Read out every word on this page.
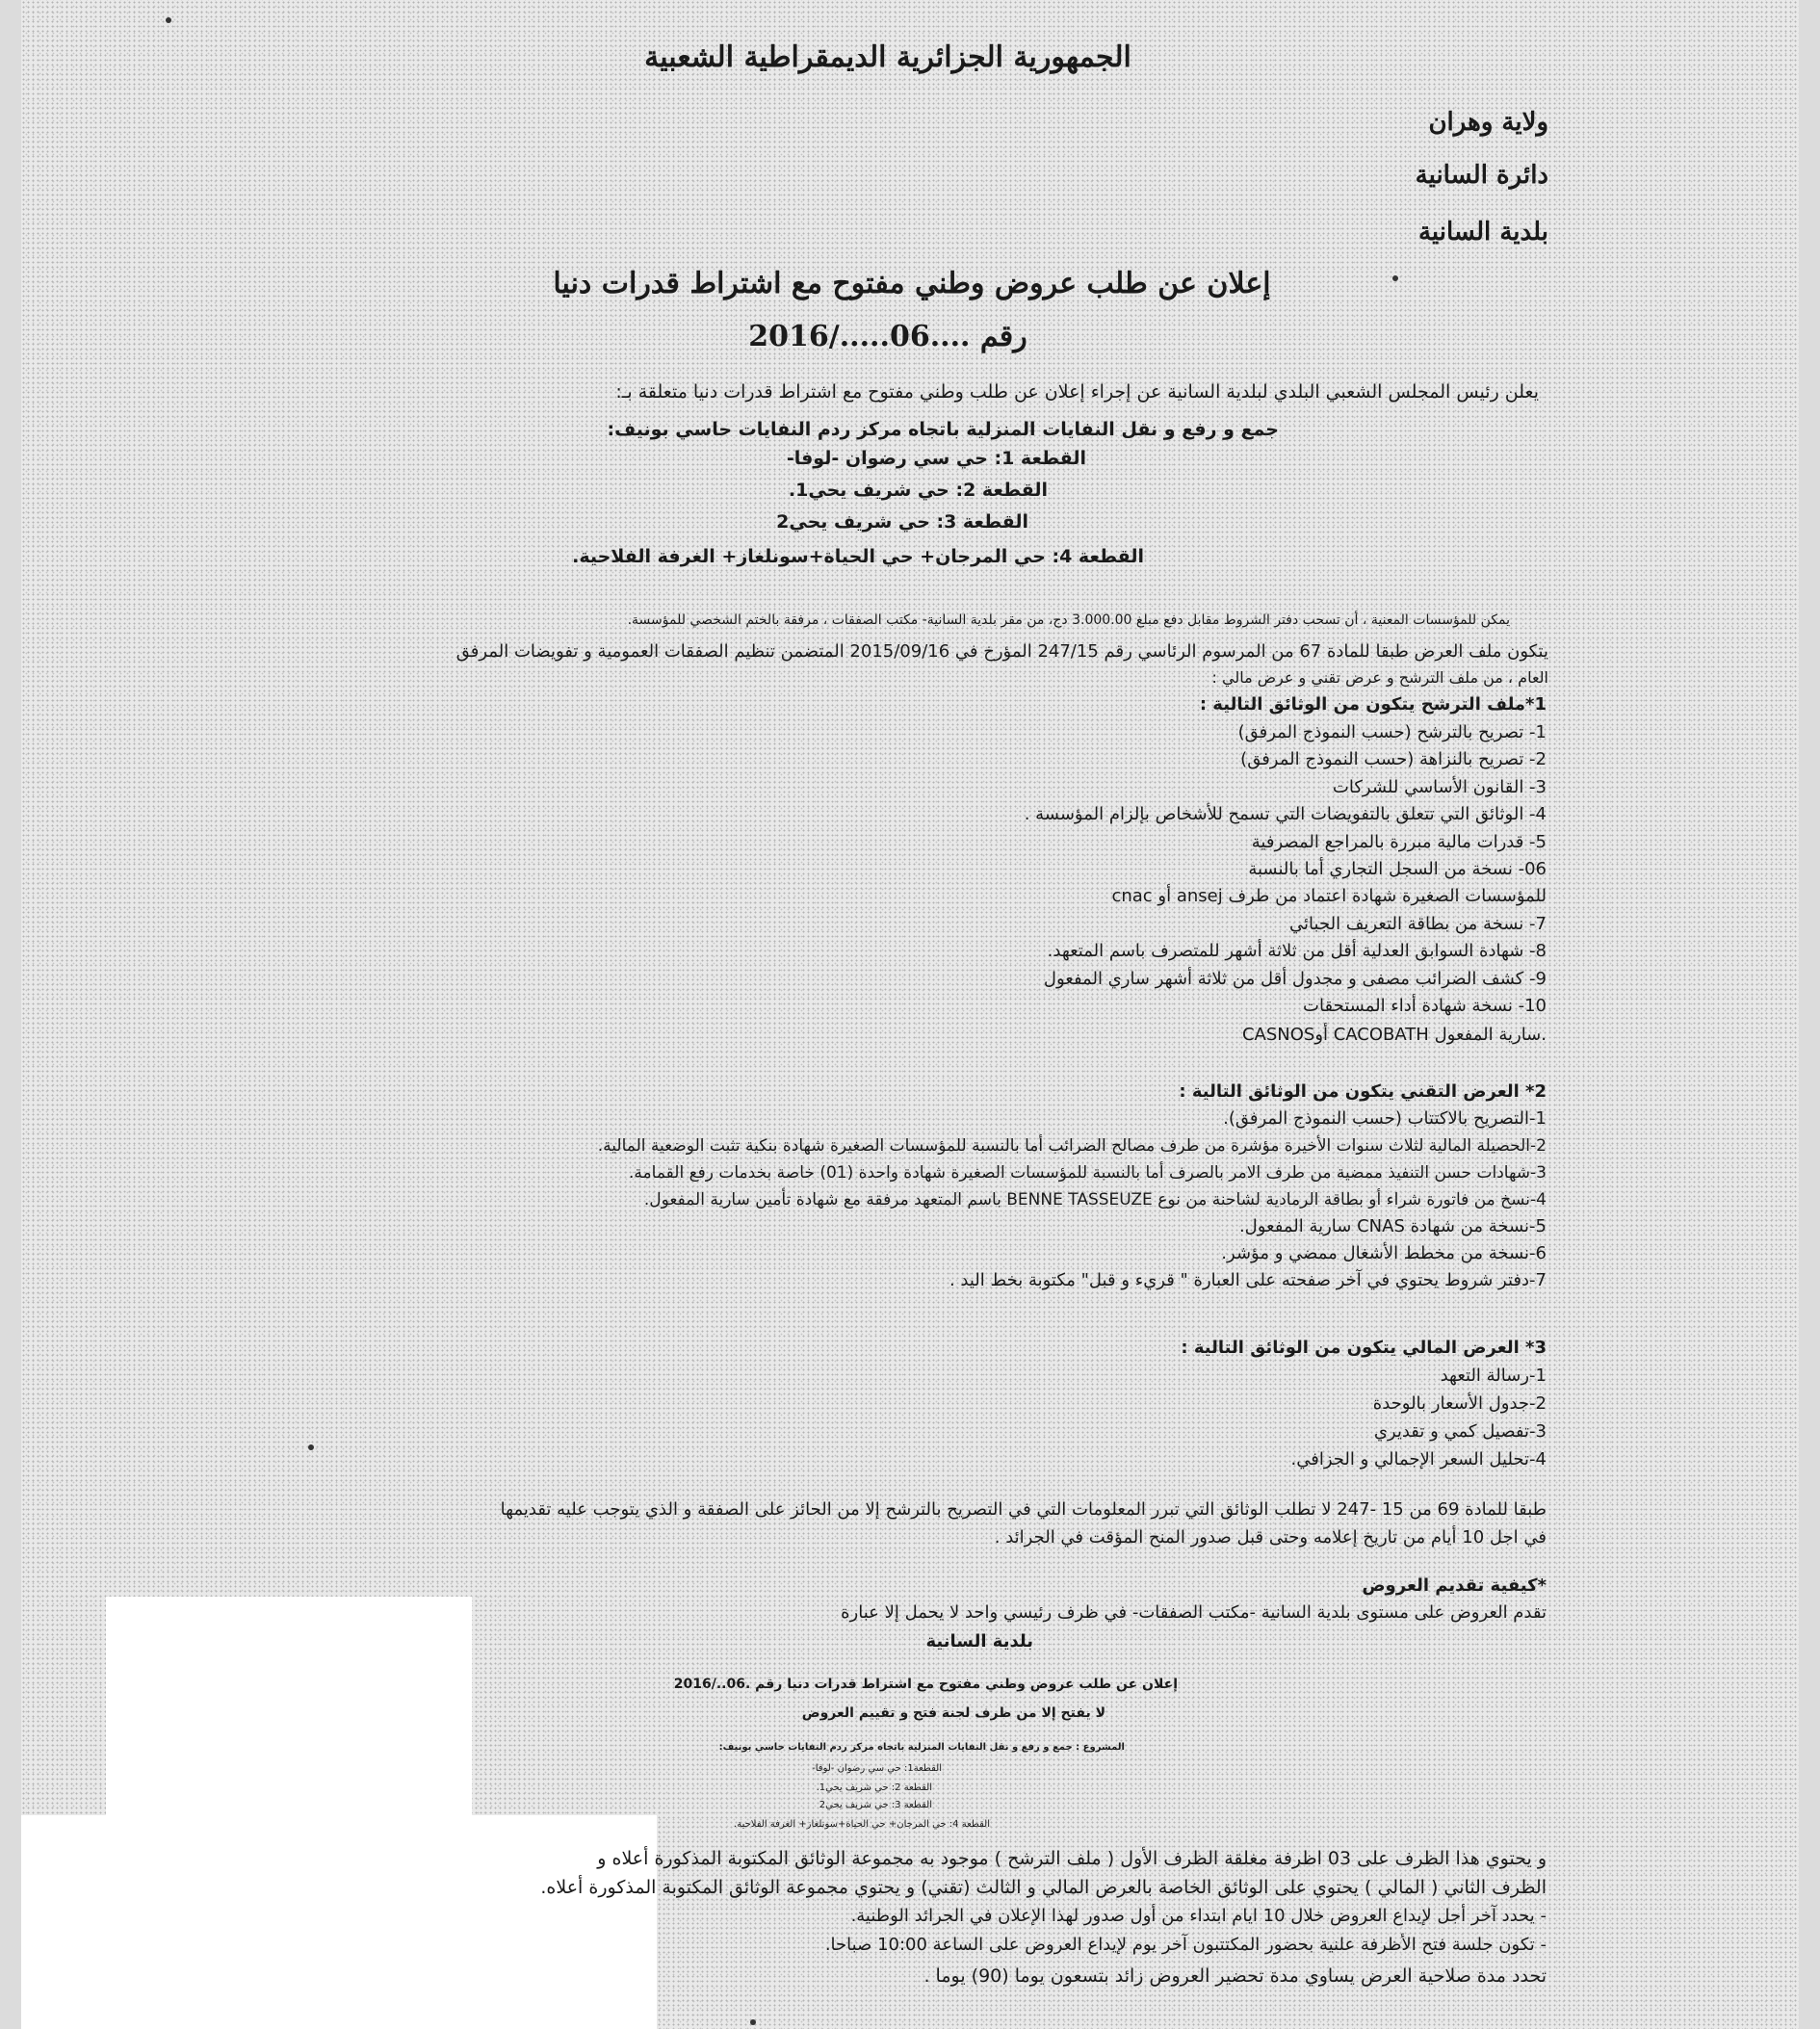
الجمهورية الجزائرية الديمقراطية الشعبية
ولاية وهران
دائرة السانية
بلدية السانية
إعلان عن طلب عروض وطني مفتوح مع اشتراط قدرات دنيا
رقم ....06...../2016
يعلن رئيس المجلس الشعبي البلدي لبلدية السانية عن إجراء إعلان عن طلب وطني مفتوح مع اشتراط قدرات دنيا متعلقة بـ:
جمع و رفع و نقل النفايات المنزلية باتجاه مركز ردم النفايات حاسي بونيف:
القطعة 1: حي سي رضوان -لوفا-
القطعة 2: حي شريف يحي1.
القطعة 3: حي شريف يحي2
القطعة 4: حي المرجان+ حي الحياة+سونلغاز+ الغرفة الفلاحية.
يمكن للمؤسسات المعنية ، أن تسحب دفتر الشروط مقابل دفع مبلغ 3.000.00 دج، من مقر بلدية السانية- مكتب الصفقات ، مرفقة بالختم الشخصي للمؤسسة.
يتكون ملف العرض طبقا للمادة 67 من المرسوم الرئاسي رقم 247/15 المؤرخ في 2015/09/16 المتضمن تنظيم الصفقات العمومية و تفويضات المرفق
العام ، من ملف الترشح و عرض تقني و عرض مالي :
1*ملف الترشح يتكون من الوثائق التالية :
1- تصريح بالترشح (حسب النموذج المرفق)
2- تصريح بالنزاهة (حسب النموذج المرفق)
3- القانون الأساسي للشركات
4- الوثائق التي تتعلق بالتفويضات التي تسمح للأشخاص بإلزام المؤسسة .
5- قدرات مالية مبررة بالمراجع المصرفية
06- نسخة من السجل التجاري أما بالنسبة
للمؤسسات الصغيرة شهادة اعتماد من طرف ansej أو cnac
7- نسخة من بطاقة التعريف الجبائي
8- شهادة السوابق العدلية أقل من ثلاثة أشهر للمتصرف باسم المتعهد.
9- كشف الضرائب مصفى و مجدول أقل من ثلاثة أشهر ساري المفعول
10- نسخة شهادة أداء المستحقات
CASNOSأو CACOBATH سارية المفعول.
2* العرض التقني يتكون من الوثائق التالية :
1-التصريح بالاكتتاب (حسب النموذج المرفق).
2-الحصيلة المالية لثلاث سنوات الأخيرة مؤشرة من طرف مصالح الضرائب أما بالنسبة للمؤسسات الصغيرة شهادة بنكية تثبت الوضعية المالية.
3-شهادات حسن التنفيذ ممضية من طرف الامر بالصرف أما بالنسبة للمؤسسات الصغيرة شهادة واحدة (01) خاصة بخدمات رفع القمامة.
4-نسخ من فاتورة شراء أو بطاقة الرمادية لشاحنة من نوع BENNE TASSEUZE باسم المتعهد مرفقة مع شهادة تأمين سارية المفعول.
5-نسخة من شهادة CNAS سارية المفعول.
6-نسخة من مخطط الأشغال ممضي و مؤشر.
7-دفتر شروط يحتوي في آخر صفحته على العبارة " قريء و قبل" مكتوبة بخط اليد .
3* العرض المالي يتكون من الوثائق التالية :
1-رسالة التعهد
2-جدول الأسعار بالوحدة
3-تفصيل كمي و تقديري
4-تحليل السعر الإجمالي و الجزافي.
طبقا للمادة 69 من 15 -247 لا تطلب الوثائق التي تبرر المعلومات التي في التصريح بالترشح إلا من الحائز على الصفقة و الذي يتوجب عليه تقديمها
في اجل 10 أيام من تاريخ إعلامه وحتى قبل صدور المنح المؤقت في الجرائد .
*كيفية تقديم العروض
تقدم العروض على مستوى بلدية السانية -مكتب الصفقات- في ظرف رئيسي واحد لا يحمل إلا عبارة
بلدية السانية
إعلان عن طلب عروض وطني مفتوح مع اشتراط قدرات دنيا رقم .06../2016
لا يفتح إلا من طرف لجنة فتح و تقييم العروض
المشروع : جمع و رفع و نقل النفايات المنزلية باتجاه مركز ردم النفايات حاسي بونيف:
القطعة1: حي سي رضوان -لوفا-
القطعة 2: حي شريف يحي1.
القطعة 3: حي شريف يحي2
القطعة 4: حي المرجان+ حي الحياة+سونلغاز+ الغرفة الفلاحية.
و يحتوي هذا الظرف على 03 اظرفة مغلقة الظرف الأول ( ملف الترشح ) موجود به مجموعة الوثائق المكتوبة المذكورة أعلاه و
الظرف الثاني ( المالي ) يحتوي على الوثائق الخاصة بالعرض المالي و الثالث (تقني) و يحتوي مجموعة الوثائق المكتوبة المذكورة أعلاه.
- يحدد آخر أجل لإيداع العروض خلال 10 ايام ابتداء من أول صدور لهذا الإعلان في الجرائد الوطنية.
- تكون جلسة فتح الأظرفة علنية بحضور المكتتبون آخر يوم لإيداع العروض على الساعة 10:00 صباحا.
تحدد مدة صلاحية العرض يساوي مدة تحضير العروض زائد بتسعون يوما (90) يوما .
